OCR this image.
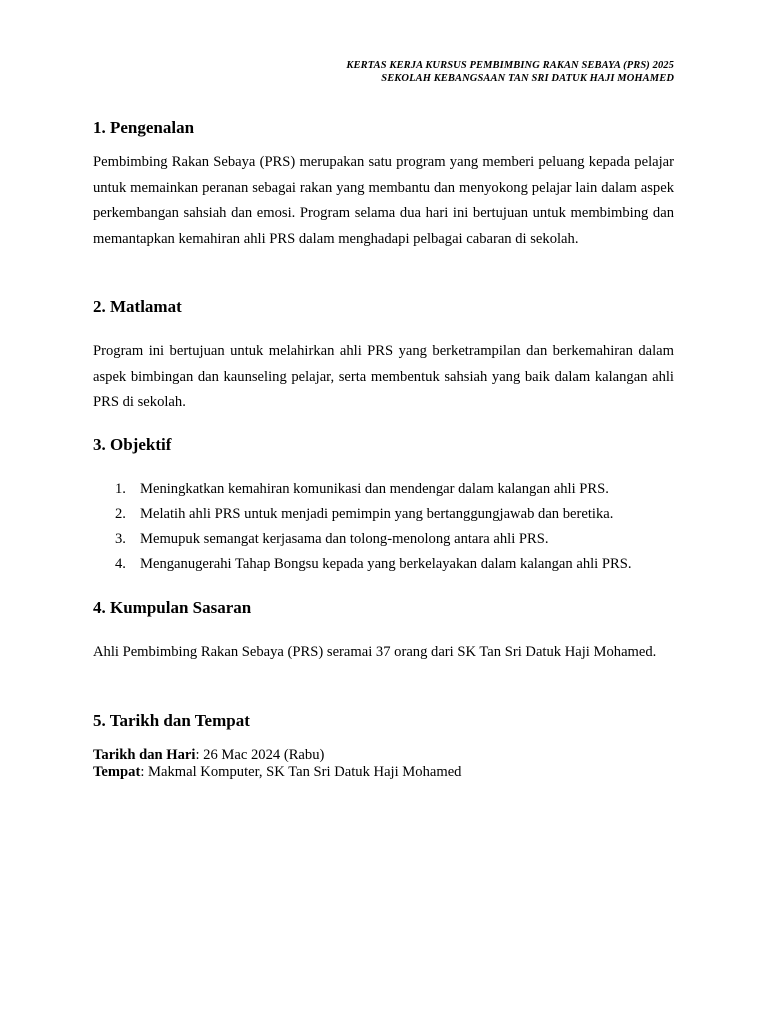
KERTAS KERJA KURSUS PEMBIMBING RAKAN SEBAYA (PRS) 2025
SEKOLAH KEBANGSAAN TAN SRI DATUK HAJI MOHAMED
1. Pengenalan

Pembimbing Rakan Sebaya (PRS) merupakan satu program yang memberi peluang kepada pelajar untuk memainkan peranan sebagai rakan yang membantu dan menyokong pelajar lain dalam aspek perkembangan sahsiah dan emosi. Program selama dua hari ini bertujuan untuk membimbing dan memantapkan kemahiran ahli PRS dalam menghadapi pelbagai cabaran di sekolah.

2. Matlamat

Program ini bertujuan untuk melahirkan ahli PRS yang berketrampilan dan berkemahiran dalam aspek bimbingan dan kaunseling pelajar, serta membentuk sahsiah yang baik dalam kalangan ahli PRS di sekolah.

3. Objektif
1. Meningkatkan kemahiran komunikasi dan mendengar dalam kalangan ahli PRS.
2. Melatih ahli PRS untuk menjadi pemimpin yang bertanggungjawab dan beretika.
3. Memupuk semangat kerjasama dan tolong-menolong antara ahli PRS.
4. Menganugerahi Tahap Bongsu kepada yang berkelayakan dalam kalangan ahli PRS.
4. Kumpulan Sasaran

Ahli Pembimbing Rakan Sebaya (PRS) seramai 37 orang dari SK Tan Sri Datuk Haji Mohamed.

5. Tarikh dan Tempat

Tarikh dan Hari: 26 Mac 2024 (Rabu)

Tempat: Makmal Komputer, SK Tan Sri Datuk Haji Mohamed
